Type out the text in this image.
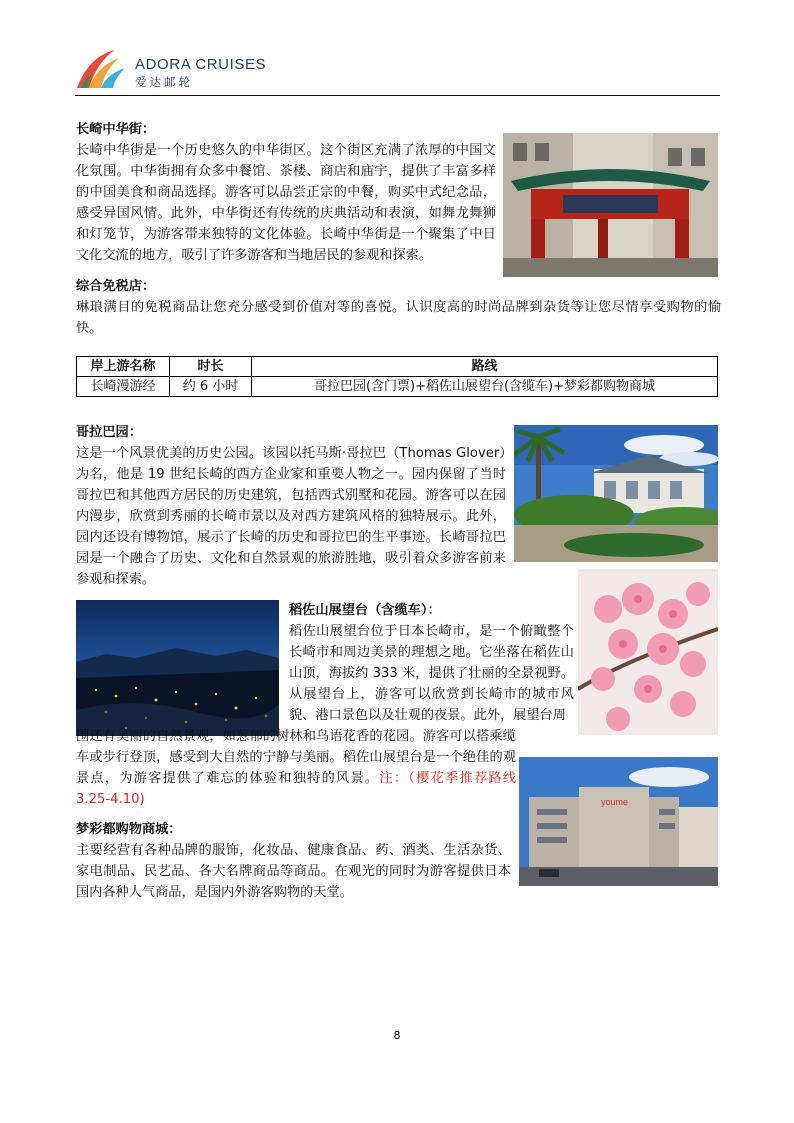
ADORA CRUISES
爱达邮轮
长崎中华街：
长崎中华街是一个历史悠久的中华街区。这个街区充满了浓厚的中国文化氛围。中华街拥有众多中餐馆、茶楼、商店和庙宇，提供了丰富多样的中国美食和商品选择。游客可以品尝正宗的中餐，购买中式纪念品，感受异国风情。此外，中华街还有传统的庆典活动和表演，如舞龙舞狮和灯笼节，为游客带来独特的文化体验。长崎中华街是一个聚集了中日文化交流的地方，吸引了许多游客和当地居民的参观和探索。
综合免税店：
琳琅满目的免税商品让您充分感受到价值对等的喜悦。认识度高的时尚品牌到杂货等让您尽情享受购物的愉快。
岸上游名称	时长	路线
长崎漫游经	约 6 小时	哥拉巴园(含门票)+稻佐山展望台(含缆车)+梦彩都购物商城
哥拉巴园：
这是一个风景优美的历史公园。该园以托马斯·哥拉巴（Thomas Glover）为名，他是 19 世纪长崎的西方企业家和重要人物之一。园内保留了当时哥拉巴和其他西方居民的历史建筑，包括西式别墅和花园。游客可以在园内漫步，欣赏到秀丽的长崎市景以及对西方建筑风格的独特展示。此外，园内还设有博物馆，展示了长崎的历史和哥拉巴的生平事迹。长崎哥拉巴园是一个融合了历史、文化和自然景观的旅游胜地，吸引着众多游客前来参观和探索。
稻佐山展望台（含缆车）：
稻佐山展望台位于日本长崎市，是一个俯瞰整个长崎市和周边美景的理想之地。它坐落在稻佐山山顶，海拔约 333 米，提供了壮丽的全景视野。从展望台上，游客可以欣赏到长崎市的城市风貌、港口景色以及壮观的夜景。此外，展望台周
围还有美丽的自然景观，如葱郁的树林和鸟语花香的花园。游客可以搭乘缆车或步行登顶，感受到大自然的宁静与美丽。稻佐山展望台是一个绝佳的观景点，为游客提供了难忘的体验和独特的风景。注：（樱花季推荐路线 3.25-4.10)	youme
梦彩都购物商城：
主要经营有各种品牌的服饰，化妆品、健康食品、药、酒类、生活杂货、家电制品、民艺品、各大名牌商品等商品。在观光的同时为游客提供日本国内各种人气商品，是国内外游客购物的天堂。
8
